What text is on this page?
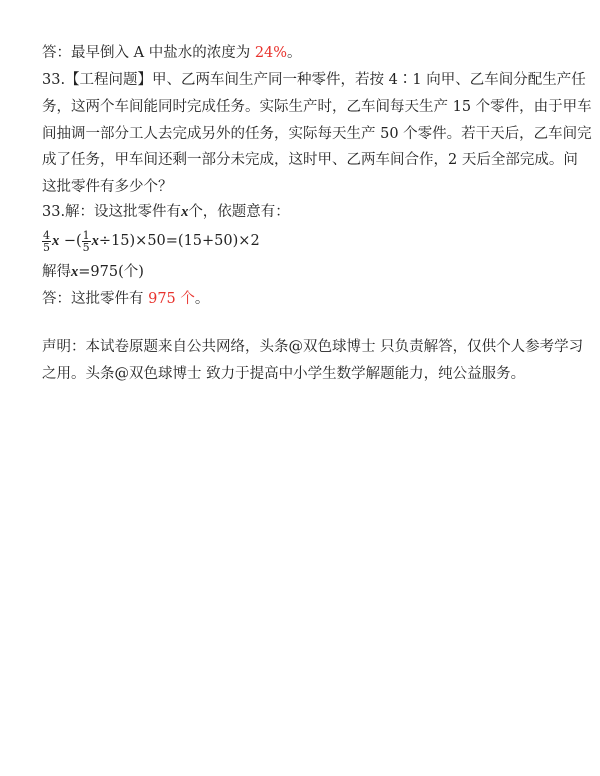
答：最早倒入 A 中盐水的浓度为 24%。
33.【工程问题】甲、乙两车间生产同一种零件，若按 4∶1 向甲、乙车间分配生产任
务，这两个车间能同时完成任务。实际生产时，乙车间每天生产 15 个零件，由于甲车
间抽调一部分工人去完成另外的任务，实际每天生产 50 个零件。若干天后，乙车间完
成了任务，甲车间还剩一部分未完成，这时甲、乙两车间合作，2 天后全部完成。问
这批零件有多少个？
33.解：设这批零件有x个，依题意有：
$\frac{4}{5}$ x −( $\frac{1}{5} x\div 15)\times 50=(15+50)\times 2$
解得x=975(个)
答：这批零件有 975 个。
声明：本试卷原题来自公共网络，头条@双色球博士 只负责解答，仅供个人参考学习
之用。头条@双色球博士 致力于提高中小学生数学解题能力，纯公益服务。
